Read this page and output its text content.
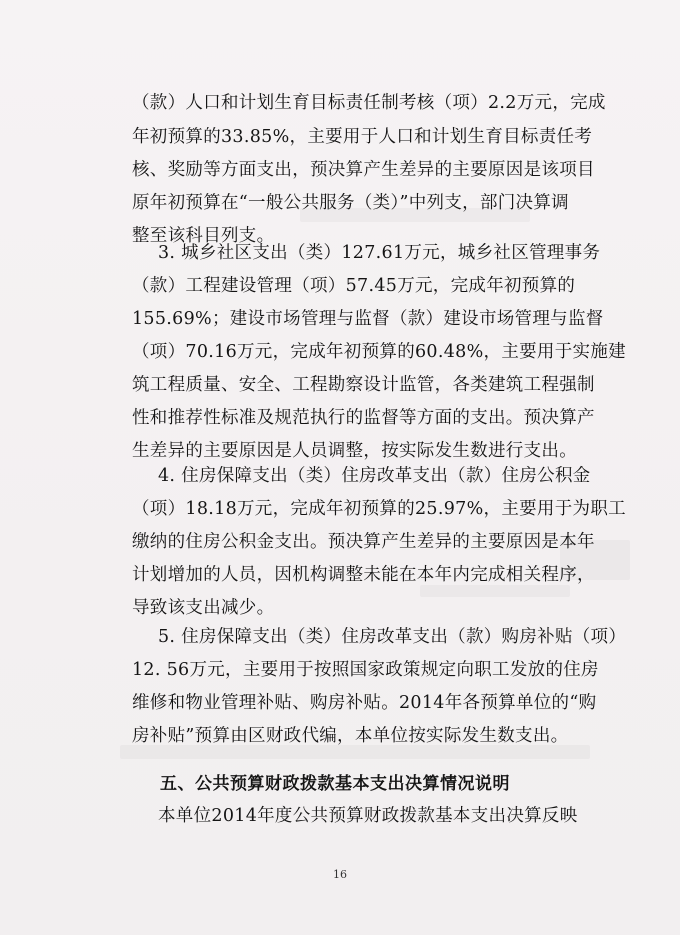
（款）人口和计划生育目标责任制考核（项）2.2万元，完成
年初预算的33.85%，主要用于人口和计划生育目标责任考
核、奖励等方面支出，预决算产生差异的主要原因是该项目
原年初预算在“一般公共服务（类）”中列支，部门决算调
整至该科目列支。
3. 城乡社区支出（类）127.61万元，城乡社区管理事务
（款）工程建设管理（项）57.45万元，完成年初预算的
155.69%；建设市场管理与监督（款）建设市场管理与监督
（项）70.16万元，完成年初预算的60.48%，主要用于实施建
筑工程质量、安全、工程勘察设计监管，各类建筑工程强制
性和推荐性标准及规范执行的监督等方面的支出。预决算产
生差异的主要原因是人员调整，按实际发生数进行支出。
4. 住房保障支出（类）住房改革支出（款）住房公积金
（项）18.18万元，完成年初预算的25.97%，主要用于为职工
缴纳的住房公积金支出。预决算产生差异的主要原因是本年
计划增加的人员，因机构调整未能在本年内完成相关程序，
导致该支出减少。
5. 住房保障支出（类）住房改革支出（款）购房补贴（项）
12. 56万元，主要用于按照国家政策规定向职工发放的住房
维修和物业管理补贴、购房补贴。2014年各预算单位的“购
房补贴”预算由区财政代编，本单位按实际发生数支出。
五、公共预算财政拨款基本支出决算情况说明
本单位2014年度公共预算财政拨款基本支出决算反映
16
